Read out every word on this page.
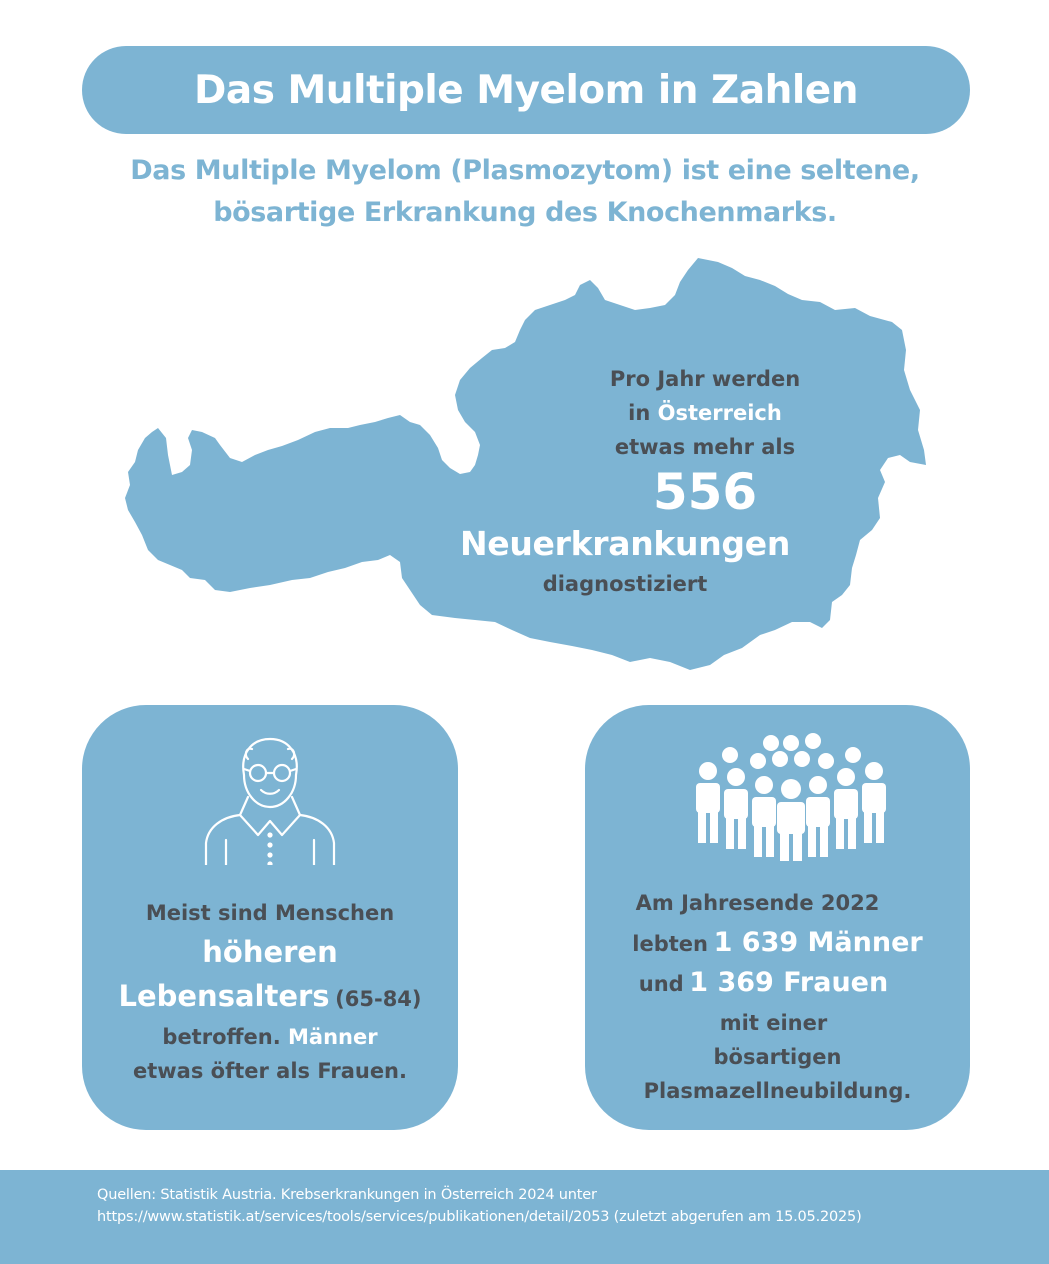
Das Multiple Myelom in Zahlen
Das Multiple Myelom (Plasmozytom) ist eine seltene,
bösartige Erkrankung des Knochenmarks.
Pro Jahr werden
in Österreich
etwas mehr als
556
Neuerkrankungen
diagnostiziert
Meist sind Menschen
höheren
Lebensalters (65-84)
betroffen. Männer
etwas öfter als Frauen.
Am Jahresende 2022
lebten 1 639 Männer
und 1 369 Frauen
mit einer
bösartigen
Plasmazellneubildung.

Quellen: Statistik Austria. Krebserkrankungen in Österreich 2024 unter
https://www.statistik.at/services/tools/services/publikationen/detail/2053 (zuletzt abgerufen am 15.05.2025)
